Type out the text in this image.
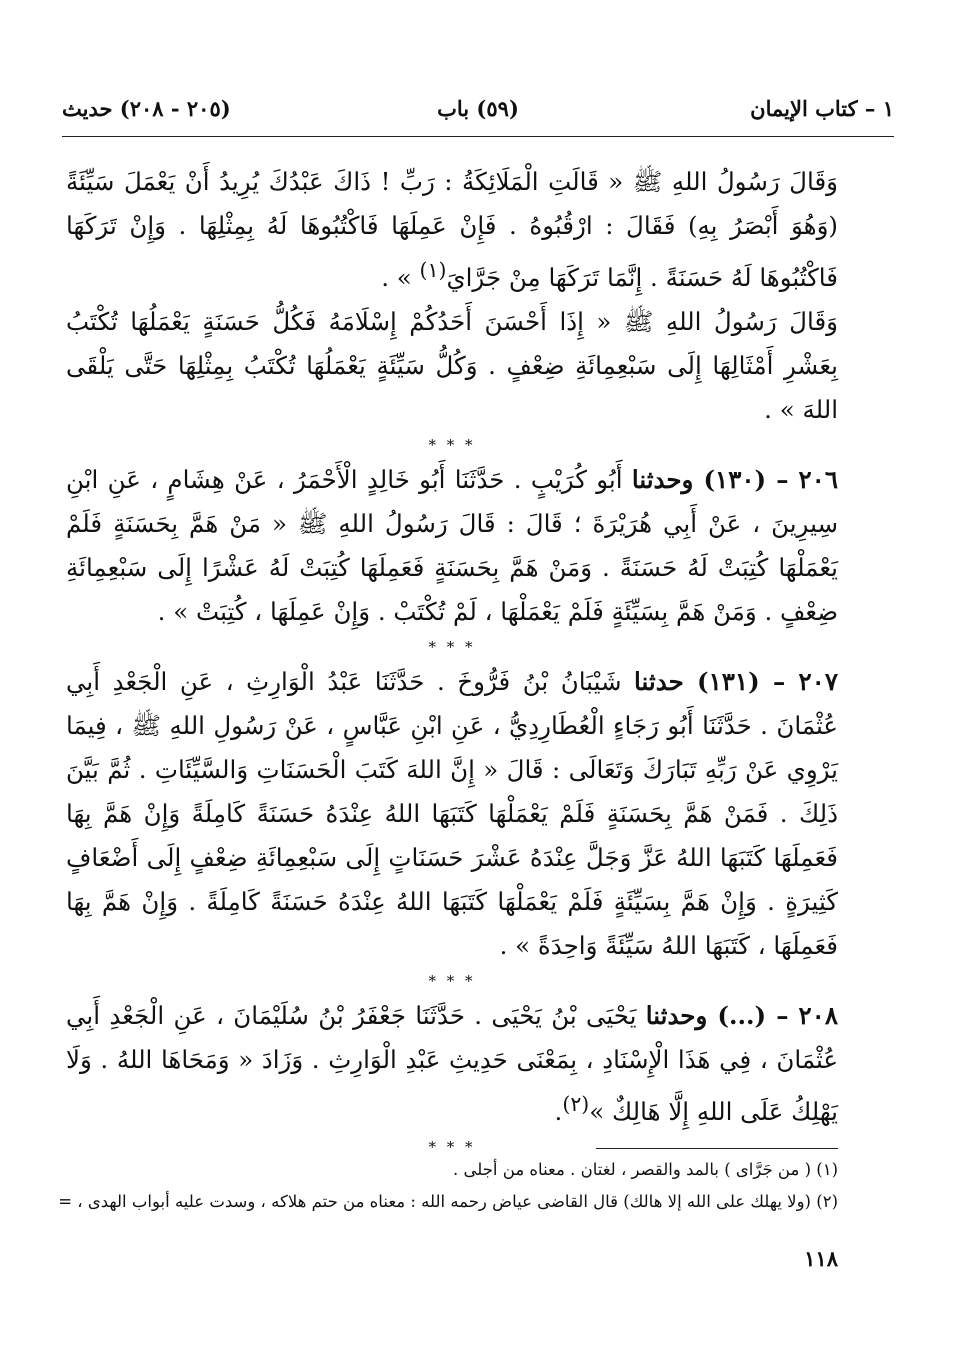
١ – كتاب الإيمان
(٥٩) باب
(٢٠٥ - ٢٠٨) حديث

وَقَالَ رَسُولُ اللهِ ﷺ « قَالَتِ الْمَلَائِكَةُ : رَبِّ ! ذَاكَ عَبْدُكَ يُرِيدُ أَنْ يَعْمَلَ سَيِّئَةً (وَهُوَ أَبْصَرُ بِهِ) فَقَالَ : ارْقُبُوهُ . فَإِنْ عَمِلَهَا فَاكْتُبُوهَا لَهُ بِمِثْلِهَا . وَإِنْ تَرَكَهَا فَاكْتُبُوهَا لَهُ حَسَنَةً . إِنَّمَا تَرَكَهَا مِنْ جَرَّايَ$^{(١)}$ » .

وَقَالَ رَسُولُ اللهِ ﷺ « إِذَا أَحْسَنَ أَحَدُكُمْ إِسْلَامَهُ فَكُلُّ حَسَنَةٍ يَعْمَلُهَا تُكْتَبُ بِعَشْرِ أَمْثَالِهَا إِلَى سَبْعِمِائَةِ ضِعْفٍ . وَكُلُّ سَيِّئَةٍ يَعْمَلُهَا تُكْتَبُ بِمِثْلِهَا حَتَّى يَلْقَى اللهَ » .

* * *

٢٠٦ – (١٣٠) وحدثنا أَبُو كُرَيْبٍ . حَدَّثَنَا أَبُو خَالِدٍ الْأَحْمَرُ ، عَنْ هِشَامٍ ، عَنِ ابْنِ سِيرِينَ ، عَنْ أَبِي هُرَيْرَةَ ؛ قَالَ : قَالَ رَسُولُ اللهِ ﷺ « مَنْ هَمَّ بِحَسَنَةٍ فَلَمْ يَعْمَلْهَا كُتِبَتْ لَهُ حَسَنَةً . وَمَنْ هَمَّ بِحَسَنَةٍ فَعَمِلَهَا كُتِبَتْ لَهُ عَشْرًا إِلَى سَبْعِمِائَةِ ضِعْفٍ . وَمَنْ هَمَّ بِسَيِّئَةٍ فَلَمْ يَعْمَلْهَا ، لَمْ تُكْتَبْ . وَإِنْ عَمِلَهَا ، كُتِبَتْ » .

* * *

٢٠٧ – (١٣١) حدثنا شَيْبَانُ بْنُ فَرُّوخَ . حَدَّثَنَا عَبْدُ الْوَارِثِ ، عَنِ الْجَعْدِ أَبِي عُثْمَانَ . حَدَّثَنَا أَبُو رَجَاءٍ الْعُطَارِدِيُّ ، عَنِ ابْنِ عَبَّاسٍ ، عَنْ رَسُولِ اللهِ ﷺ ، فِيمَا يَرْوِي عَنْ رَبِّهِ تَبَارَكَ وَتَعَالَى : قَالَ « إِنَّ اللهَ كَتَبَ الْحَسَنَاتِ وَالسَّيِّئَاتِ . ثُمَّ بَيَّنَ ذَلِكَ . فَمَنْ هَمَّ بِحَسَنَةٍ فَلَمْ يَعْمَلْهَا كَتَبَهَا اللهُ عِنْدَهُ حَسَنَةً كَامِلَةً وَإِنْ هَمَّ بِهَا فَعَمِلَهَا كَتَبَهَا اللهُ عَزَّ وَجَلَّ عِنْدَهُ عَشْرَ حَسَنَاتٍ إِلَى سَبْعِمِائَةِ ضِعْفٍ إِلَى أَضْعَافٍ كَثِيرَةٍ . وَإِنْ هَمَّ بِسَيِّئَةٍ فَلَمْ يَعْمَلْهَا كَتَبَهَا اللهُ عِنْدَهُ حَسَنَةً كَامِلَةً . وَإِنْ هَمَّ بِهَا فَعَمِلَهَا ، كَتَبَهَا اللهُ سَيِّئَةً وَاحِدَةً » .

* * *

٢٠٨ – (...) وحدثنا يَحْيَى بْنُ يَحْيَى . حَدَّثَنَا جَعْفَرُ بْنُ سُلَيْمَانَ ، عَنِ الْجَعْدِ أَبِي عُثْمَانَ ، فِي هَذَا الْإِسْنَادِ ، بِمَعْنَى حَدِيثِ عَبْدِ الْوَارِثِ . وَزَادَ « وَمَحَاهَا اللهُ . وَلَا يَهْلِكُ عَلَى اللهِ إِلَّا هَالِكٌ »$^{(٢)}$.

* * *

(١) ( من جَرَّاى ) بالمد والقصر ، لغتان . معناه من أجلى .

(٢) (ولا يهلك على الله إلا هالك) قال القاضى عياض رحمه الله : معناه من حتم هلاكه ، وسدت عليه أبواب الهدى ، =

١١٨
